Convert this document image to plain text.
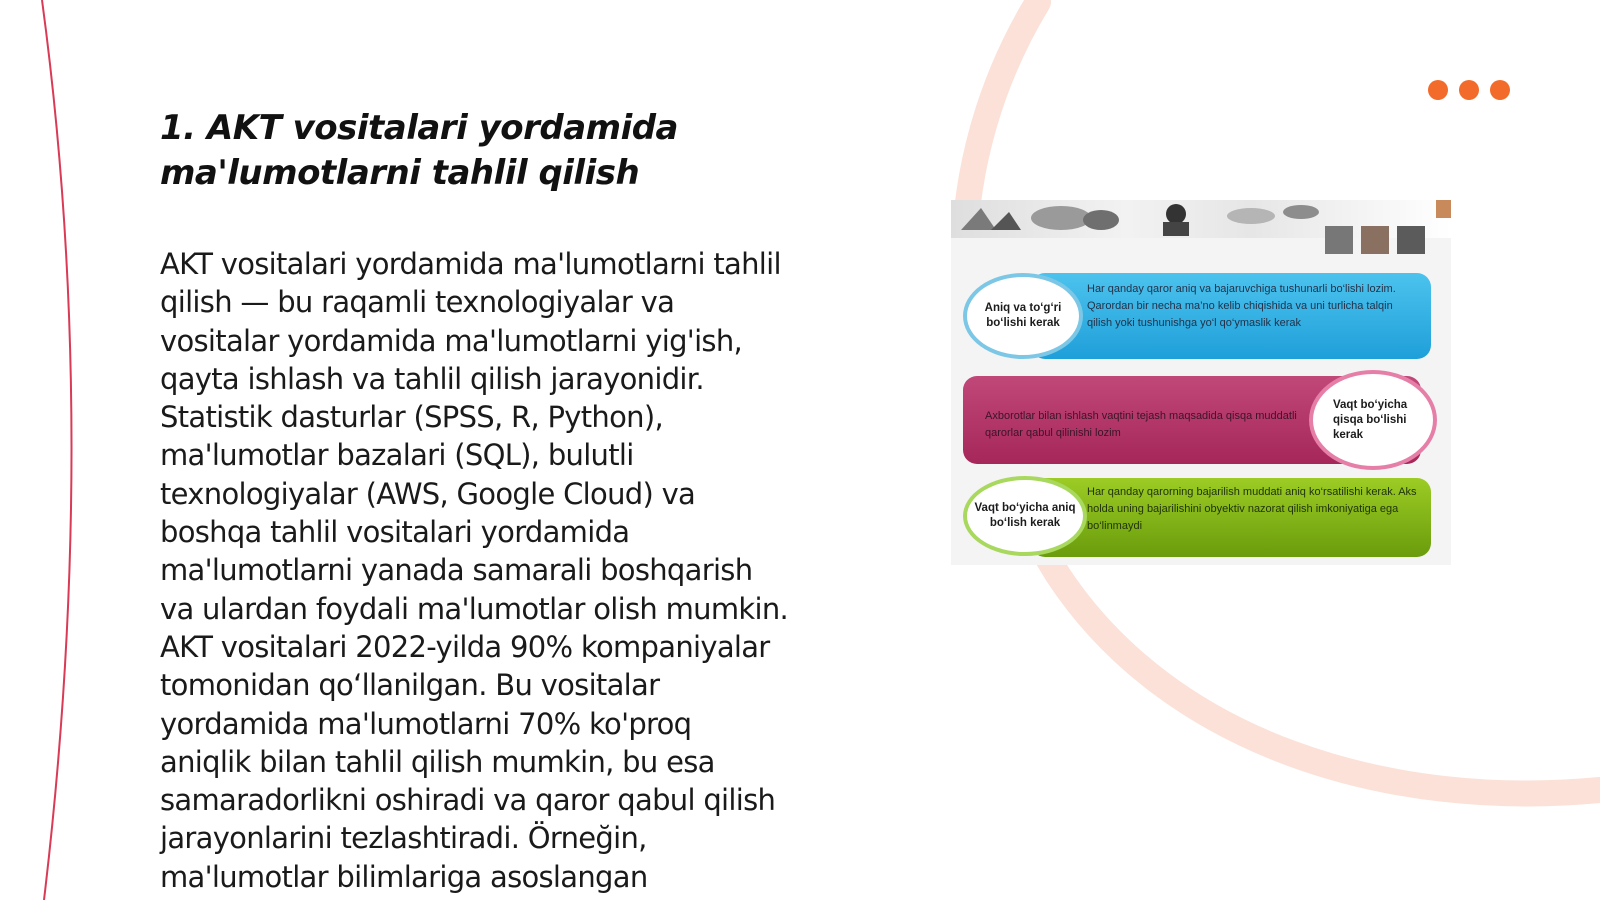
1. AKT vositalari yordamida
ma'lumotlarni tahlil qilish
AKT vositalari yordamida ma'lumotlarni tahlil
qilish — bu raqamli texnologiyalar va
vositalar yordamida ma'lumotlarni yig'ish,
qayta ishlash va tahlil qilish jarayonidir.
Statistik dasturlar (SPSS, R, Python),
ma'lumotlar bazalari (SQL), bulutli
texnologiyalar (AWS, Google Cloud) va
boshqa tahlil vositalari yordamida
ma'lumotlarni yanada samarali boshqarish
va ulardan foydali ma'lumotlar olish mumkin.
AKT vositalari 2022-yilda 90% kompaniyalar
tomonidan qo‘llanilgan. Bu vositalar
yordamida ma'lumotlarni 70% ko'proq
aniqlik bilan tahlil qilish mumkin, bu esa
samaradorlikni oshiradi va qaror qabul qilish
jarayonlarini tezlashtiradi. Örneğin,
ma'lumotlar bilimlariga asoslangan
Har qanday qaror aniq va bajaruvchiga tushunarli bo‘lishi lozim. Qarordan bir necha ma’no kelib chiqishida va uni turlicha talqin qilish yoki tushunishga yo‘l qo‘ymaslik kerak
Aniq va to‘g‘ri bo‘lishi kerak
Axborotlar bilan ishlash vaqtini tejash maqsadida qisqa muddatli qarorlar qabul qilinishi lozim
Vaqt bo‘yicha qisqa bo‘lishi kerak
Har qanday qarorning bajarilish muddati aniq ko‘rsatilishi kerak. Aks holda uning bajarilishini obyektiv nazorat qilish imkoniyatiga ega bo‘linmaydi
Vaqt bo‘yicha aniq bo‘lish kerak
